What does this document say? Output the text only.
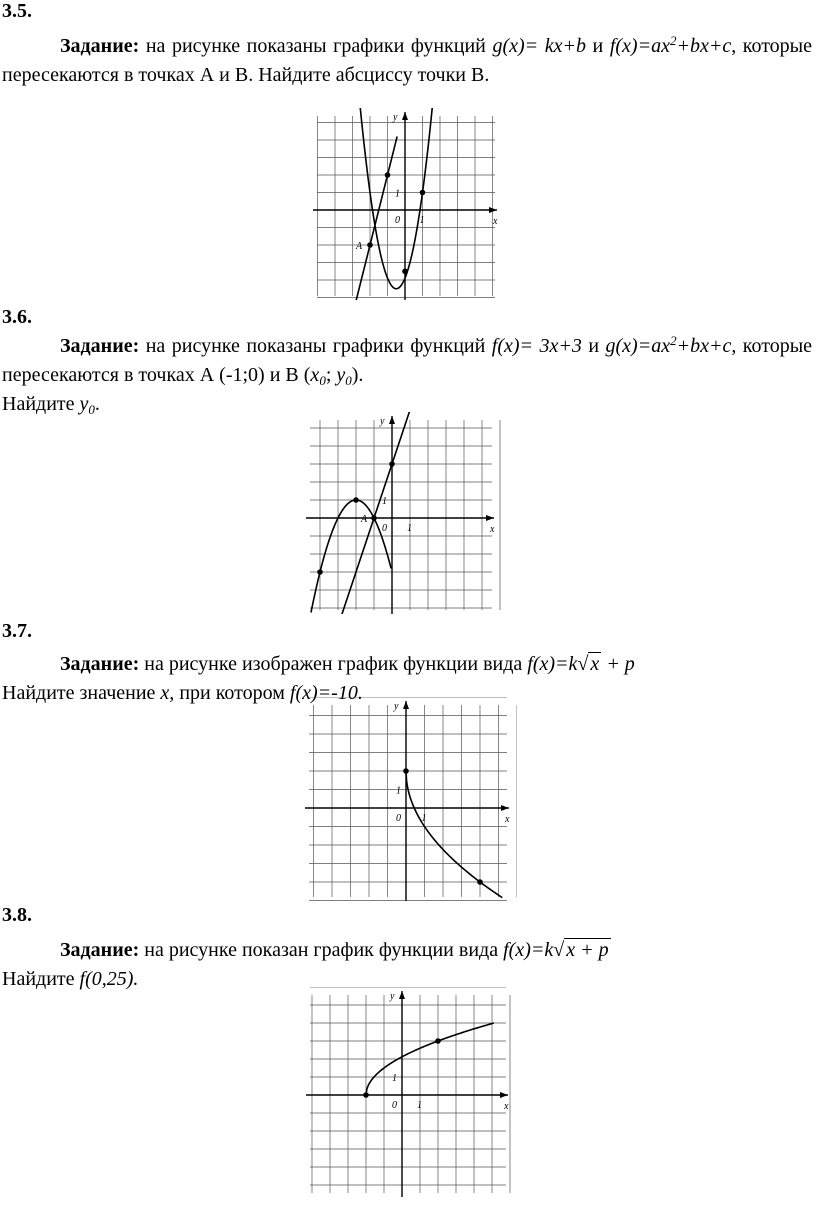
3.5.
Задание: на рисунке показаны графики функций g(x)= kx+b и $f(x)=ax^2+bx+c$, которые пересекаются в точках А и В. Найдите абсциссу точки В.
x
y
0 1
1
A
3.6.
Задание: на рисунке показаны графики функций f(x)= 3x+3 и $g(x)=ax^2+bx+c$, которые пересекаются в точках А (-1;0) и В ($x_0$; $y_0$).
Найдите $y_0$.
x
y
0 1
1
A
3.7.
Задание: на рисунке изображен график функции вида f(x)=k√ x + p
Найдите значение x, при котором f(x)=-10.
x
y
0 1
1
3.8.
Задание: на рисунке показан график функции вида f(x)=k√ x + p
Найдите f(0,25).
x
y
0 1
1
